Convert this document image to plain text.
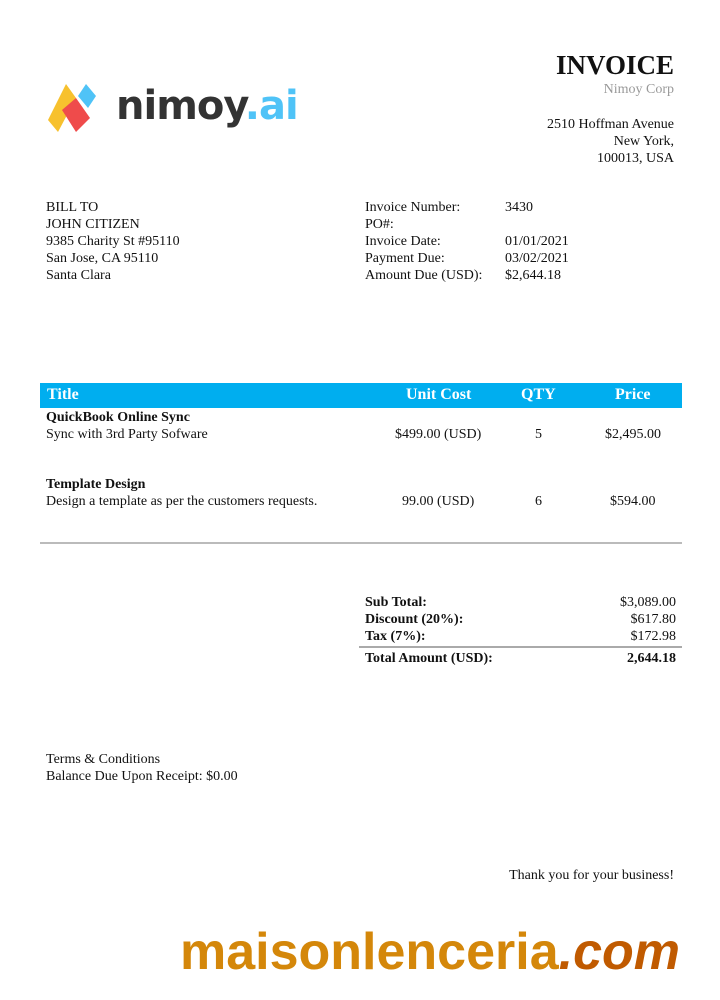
nimoy.ai
INVOICE
Nimoy Corp
2510 Hoffman Avenue
New York,
100013, USA
BILL TO
JOHN CITIZEN
9385 Charity St #95110
San Jose, CA 95110
Santa Clara
Invoice Number:	3430
PO#:
Invoice Date:	01/01/2021
Payment Due:	03/02/2021
Amount Due (USD):	$2,644.18
Title	Unit Cost	QTY	Price
QuickBook Online Sync
Sync with 3rd Party Sofware	$499.00 (USD)	5	$2,495.00
Template Design
Design a template as per the customers requests.	99.00 (USD)	6	$594.00
Sub Total:	$3,089.00
Discount (20%):	$617.80
Tax (7%):	$172.98
Total Amount (USD):	2,644.18
Terms & Conditions
Balance Due Upon Receipt: $0.00
Thank you for your business!
maisonlenceria.com
